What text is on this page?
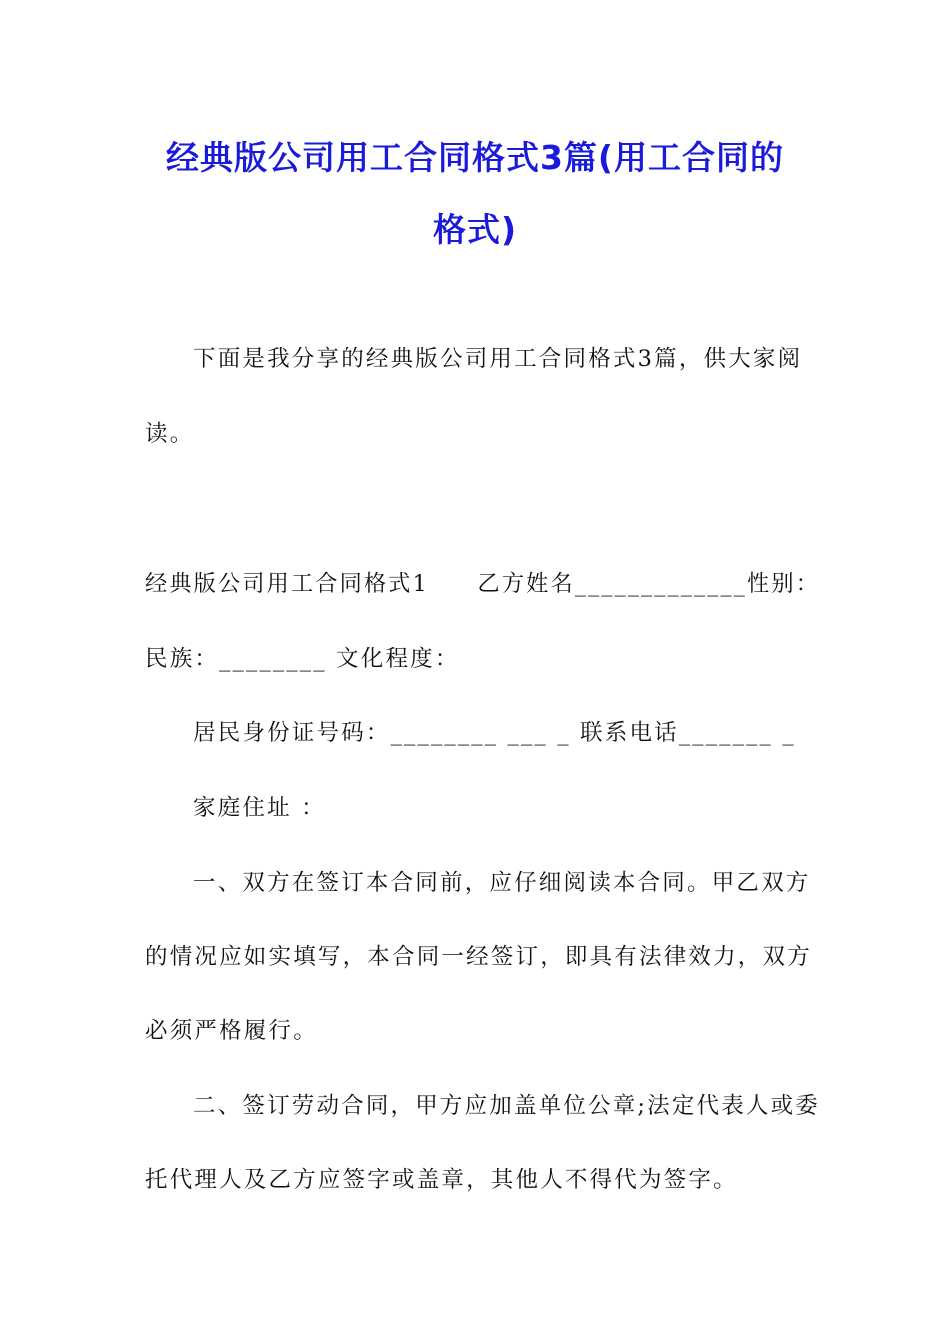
经典版公司用工合同格式3篇(用工合同的
格式)
下面是我分享的经典版公司用工合同格式3篇，供大家阅
读。
经典版公司用工合同格式1　　乙方姓名_____________性别：
民族：________ 文化程度：
居民身份证号码：________ ___ _ 联系电话_______ _
家庭住址 ：
一、双方在签订本合同前，应仔细阅读本合同。甲乙双方
的情况应如实填写，本合同一经签订，即具有法律效力，双方
必须严格履行。
二、签订劳动合同，甲方应加盖单位公章;法定代表人或委
托代理人及乙方应签字或盖章，其他人不得代为签字。
